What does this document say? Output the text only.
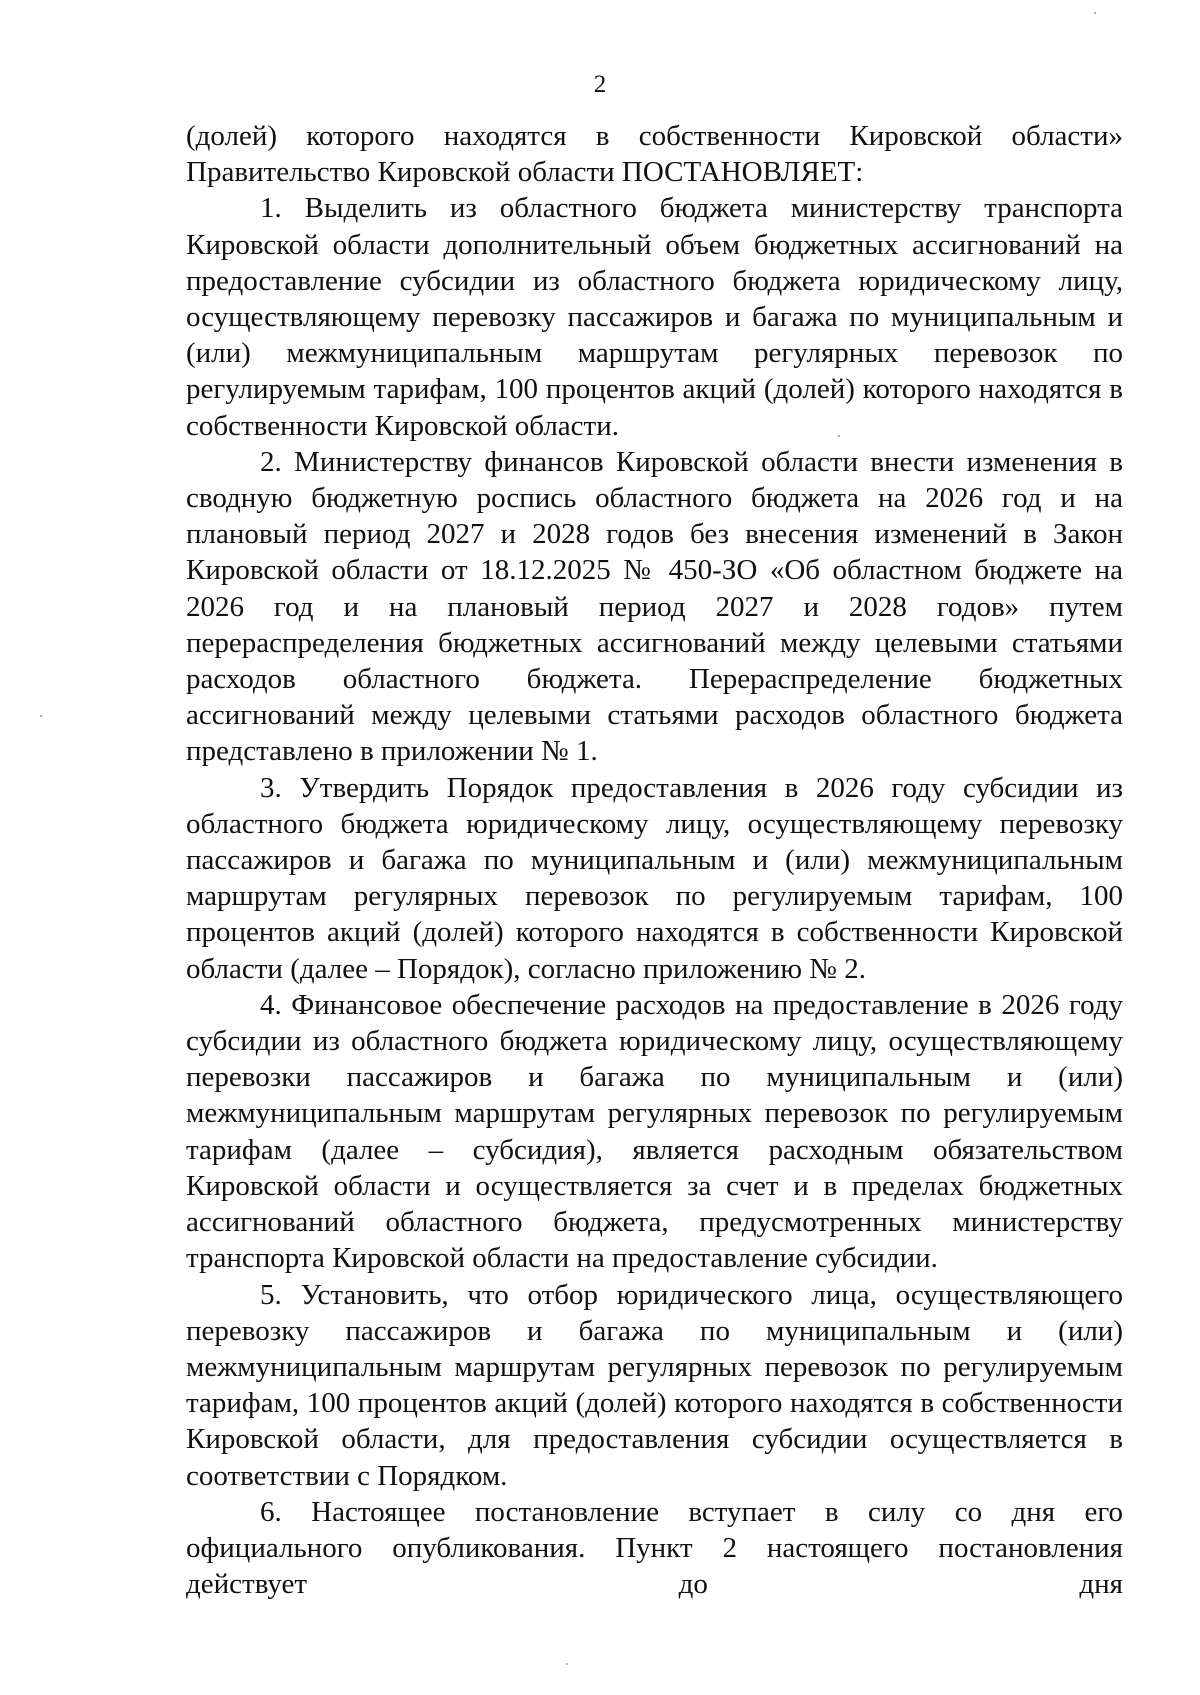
2

(долей) которого находятся в собственности Кировской области»

Правительство Кировской области ПОСТАНОВЛЯЕТ:

1. Выделить из областного бюджета министерству транспорта Кировской области дополнительный объем бюджетных ассигнований на предоставление субсидии из областного бюджета юридическому лицу, осуществляющему перевозку пассажиров и багажа по муниципальным и (или) межмуниципальным маршрутам регулярных перевозок по регулируемым тарифам, 100 процентов акций (долей) которого находятся в собственности Кировской области.

2. Министерству финансов Кировской области внести изменения в сводную бюджетную роспись областного бюджета на 2026 год и на плановый период 2027 и 2028 годов без внесения изменений в Закон Кировской области от 18.12.2025 № 450-ЗО «Об областном бюджете на 2026 год и на плановый период 2027 и 2028 годов» путем перераспределения бюджетных ассигнований между целевыми статьями расходов областного бюджета. Перераспределение бюджетных ассигнований между целевыми статьями расходов областного бюджета представлено в приложении № 1.

3. Утвердить Порядок предоставления в 2026 году субсидии из областного бюджета юридическому лицу, осуществляющему перевозку пассажиров и багажа по муниципальным и (или) межмуниципальным маршрутам регулярных перевозок по регулируемым тарифам, 100 процентов акций (долей) которого находятся в собственности Кировской области (далее – Порядок), согласно приложению № 2.

4. Финансовое обеспечение расходов на предоставление в 2026 году субсидии из областного бюджета юридическому лицу, осуществляющему перевозки пассажиров и багажа по муниципальным и (или) межмуниципальным маршрутам регулярных перевозок по регулируемым тарифам (далее – субсидия), является расходным обязательством Кировской области и осуществляется за счет и в пределах бюджетных ассигнований областного бюджета, предусмотренных министерству транспорта Кировской области на предоставление субсидии.

5. Установить, что отбор юридического лица, осуществляющего перевозку пассажиров и багажа по муниципальным и (или) межмуниципальным маршрутам регулярных перевозок по регулируемым тарифам, 100 процентов акций (долей) которого находятся в собственности Кировской области, для предоставления субсидии осуществляется в соответствии с Порядком.

6. Настоящее постановление вступает в силу со дня его официального опубликования. Пункт 2 настоящего постановления действует до дня
